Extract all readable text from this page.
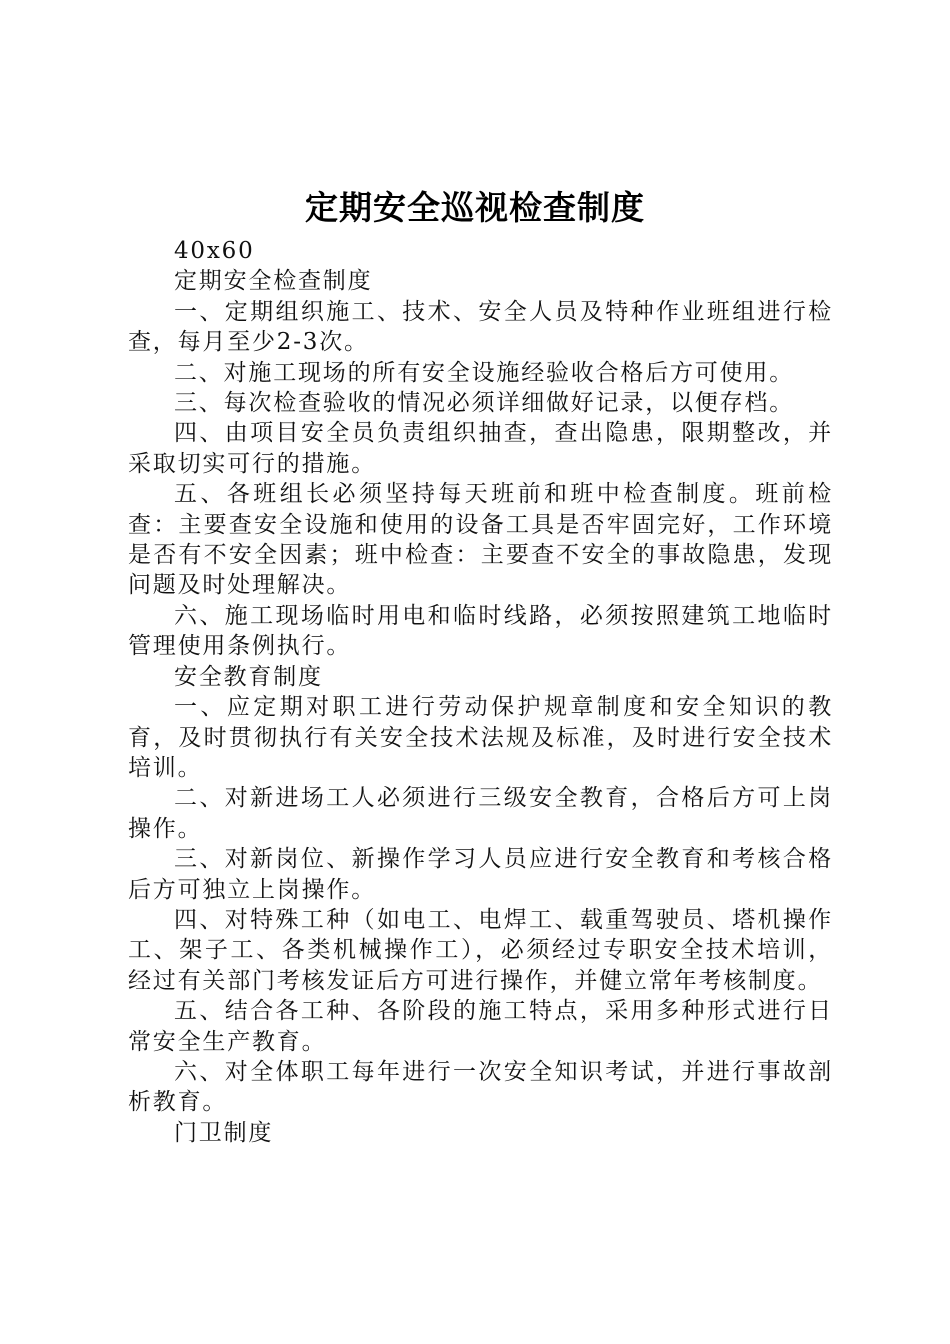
定期安全巡视检查制度

40x60

定期安全检查制度

一、定期组织施工、技术、安全人员及特种作业班组进行检查，每月至少2-3次。

二、对施工现场的所有安全设施经验收合格后方可使用。

三、每次检查验收的情况必须详细做好记录，以便存档。

四、由项目安全员负责组织抽查，查出隐患，限期整改，并采取切实可行的措施。

五、各班组长必须坚持每天班前和班中检查制度。班前检查：主要查安全设施和使用的设备工具是否牢固完好，工作环境是否有不安全因素；班中检查：主要查不安全的事故隐患，发现问题及时处理解决。

六、施工现场临时用电和临时线路，必须按照建筑工地临时管理使用条例执行。

安全教育制度

一、应定期对职工进行劳动保护规章制度和安全知识的教育，及时贯彻执行有关安全技术法规及标准，及时进行安全技术培训。

二、对新进场工人必须进行三级安全教育，合格后方可上岗操作。

三、对新岗位、新操作学习人员应进行安全教育和考核合格后方可独立上岗操作。

四、对特殊工种（如电工、电焊工、载重驾驶员、塔机操作工、架子工、各类机械操作工），必须经过专职安全技术培训，经过有关部门考核发证后方可进行操作，并健立常年考核制度。

五、结合各工种、各阶段的施工特点，采用多种形式进行日常安全生产教育。

六、对全体职工每年进行一次安全知识考试，并进行事故剖析教育。

门卫制度
